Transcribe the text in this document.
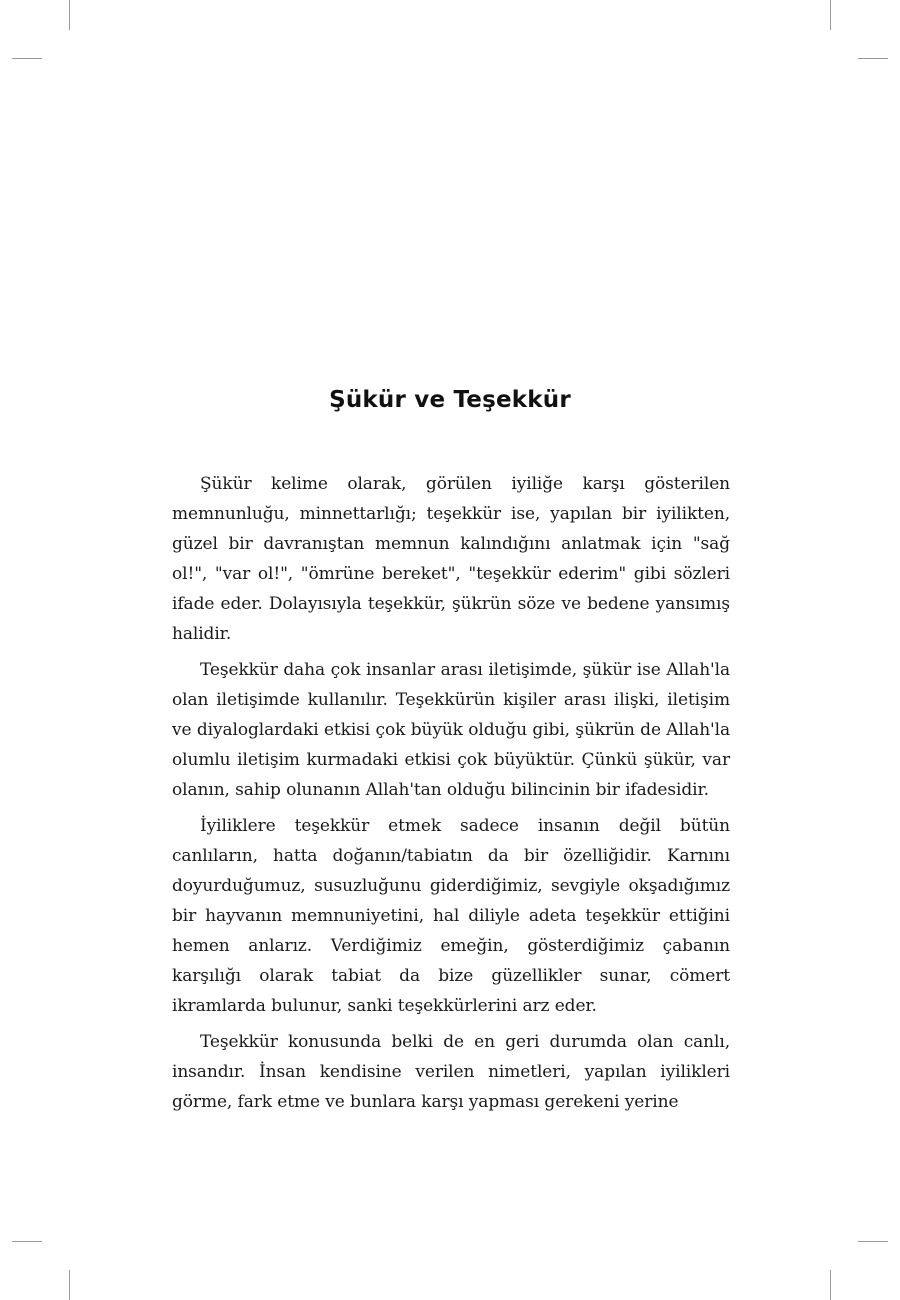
Şükür ve Teşekkür

Şükür kelime olarak, görülen iyiliğe karşı gösterilen memnunluğu, minnettarlığı; teşekkür ise, yapılan bir iyilikten, güzel bir davranıştan memnun kalındığını anlatmak için "sağ ol!", "var ol!", "ömrüne bereket", "teşekkür ederim" gibi sözleri ifade eder. Dolayısıyla teşekkür, şükrün söze ve bedene yansımış halidir.

Teşekkür daha çok insanlar arası iletişimde, şükür ise Allah'la olan iletişimde kullanılır. Teşekkürün kişiler arası ilişki, iletişim ve diyaloglardaki etkisi çok büyük olduğu gibi, şükrün de Allah'la olumlu iletişim kurmadaki etkisi çok büyüktür. Çünkü şükür, var olanın, sahip olunanın Allah'tan olduğu bilincinin bir ifadesidir.

İyiliklere teşekkür etmek sadece insanın değil bütün canlıların, hatta doğanın/tabiatın da bir özelliğidir. Karnını doyurduğumuz, susuzluğunu giderdiğimiz, sevgiyle okşadığımız bir hayvanın memnuniyetini, hal diliyle adeta teşekkür ettiğini hemen anlarız. Verdiğimiz emeğin, gösterdiğimiz çabanın karşılığı olarak tabiat da bize güzellikler sunar, cömert ikramlarda bulunur, sanki teşekkürlerini arz eder.

Teşekkür konusunda belki de en geri durumda olan canlı, insandır. İnsan kendisine verilen nimetleri, yapılan iyilikleri görme, fark etme ve bunlara karşı yapması gerekeni yerine
